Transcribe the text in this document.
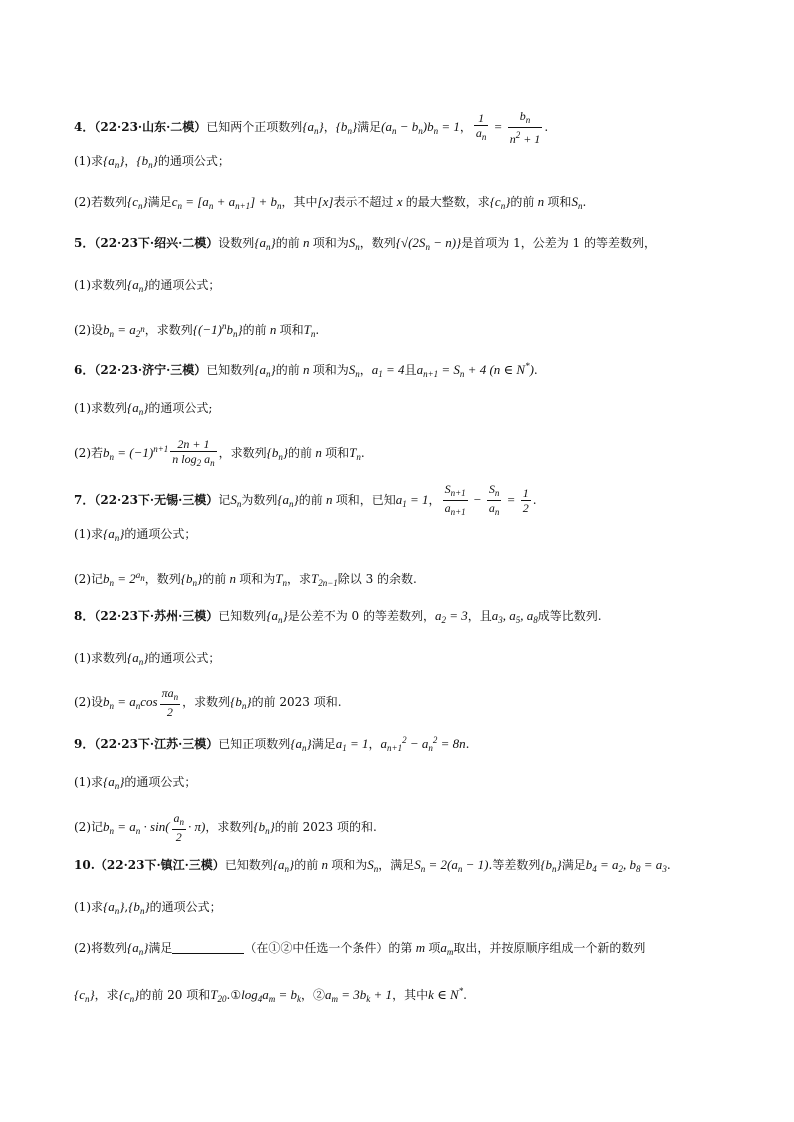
4．（22·23·山东·二模）已知两个正项数列$\{a_n\}$，$\{b_n\}$满足$(a_n - b_n)b_n = 1$， $\frac{1}{a_n} = \frac{b_n}{n^2 + 1}$ .
(1)求$\{a_n\}$，$\{b_n\}$的通项公式；
(2)若数列$\{c_n\}$满足$c_n = [a_n + a_{n+1}] + b_n$，其中[x]表示不超过 x 的最大整数，求$\{c_n\}$的前 n 项和$S_n$.
5．（22·23下·绍兴·二模）设数列$\{a_n\}$的前 n 项和为$S_n$，数列$\{√(2S_n - n)\}$是首项为 1，公差为 1 的等差数列，
(1)求数列$\{a_n\}$的通项公式；
(2)设$b_n = a_{2n}$，求数列$\{(-1)^nb_n\}$的前 n 项和$T_n$.
6．（22·23·济宁·三模）已知数列$\{a_n\}$的前 n 项和为$S_n$，$a_1 = 4$且$a_{n+1} = S_n + 4$ (n ∈ N*).
(1)求数列$\{a_n\}$的通项公式;
(2)若$b_n = (-1)^{n+1} \frac{2n + 1}{n \log_2 a_n}$ ，求数列$\{b_n\}$的前 n 项和$T_n$.
7．（22·23下·无锡·三模）记$S_n$为数列$\{a_n\}$的前 n 项和，已知$a_1 = 1$， $\frac{S_{n+1}}{a_{n+1}} - \frac{S_n}{a_n} = \frac{1}{2}$ .
(1)求$\{a_n\}$的通项公式；
(2)记$b_n = 2^{an}$，数列$\{b_n\}$的前 n 项和为$T_n$，求$T_{2n-1}$除以 3 的余数.
8．（22·23下·苏州·三模）已知数列$\{a_n\}$是公差不为 0 的等差数列，$a_2 = 3$，且$a_3$, $a_5$, $a_8$成等比数列.
(1)求数列$\{a_n\}$的通项公式；
(2)设$b_n = a_n\cos \frac{\pi a_n}{2}$ ，求数列$\{b_n\}$的前 2023 项和.
9．（22·23下·江苏·三模）已知正项数列$\{a_n\}$满足$a_1 = 1$，$a_{n+1}^2 - a_n^2 = 8n$.
(1)求$\{a_n\}$的通项公式；
(2)记$b_n = a_n \cdot \sin( \frac{a_n}{2} \cdot \pi)$，求数列$\{b_n\}$的前 2023 项的和.
10.（22·23下·镇江·三模）已知数列$\{a_n\}$的前 n 项和为$S_n$，满足$S_n = 2(a_n - 1)$.等差数列$\{b_n\}$满足$b_4 = a_2$, $b_8 = a_3$.
(1)求$\{a_n\},\{b_n\}$的通项公式；
(2)将数列$\{a_n\}$满足	（在①②中任选一个条件）的第 m 项$a_m$取出，并按原顺序组成一个新的数列
$\{c_n\}$，求$\{c_n\}$的前 20 项和$T_{20}.①\log_4a_m = b_k$，$②a_m = 3b_k + 1$，其中k ∈ N*.
